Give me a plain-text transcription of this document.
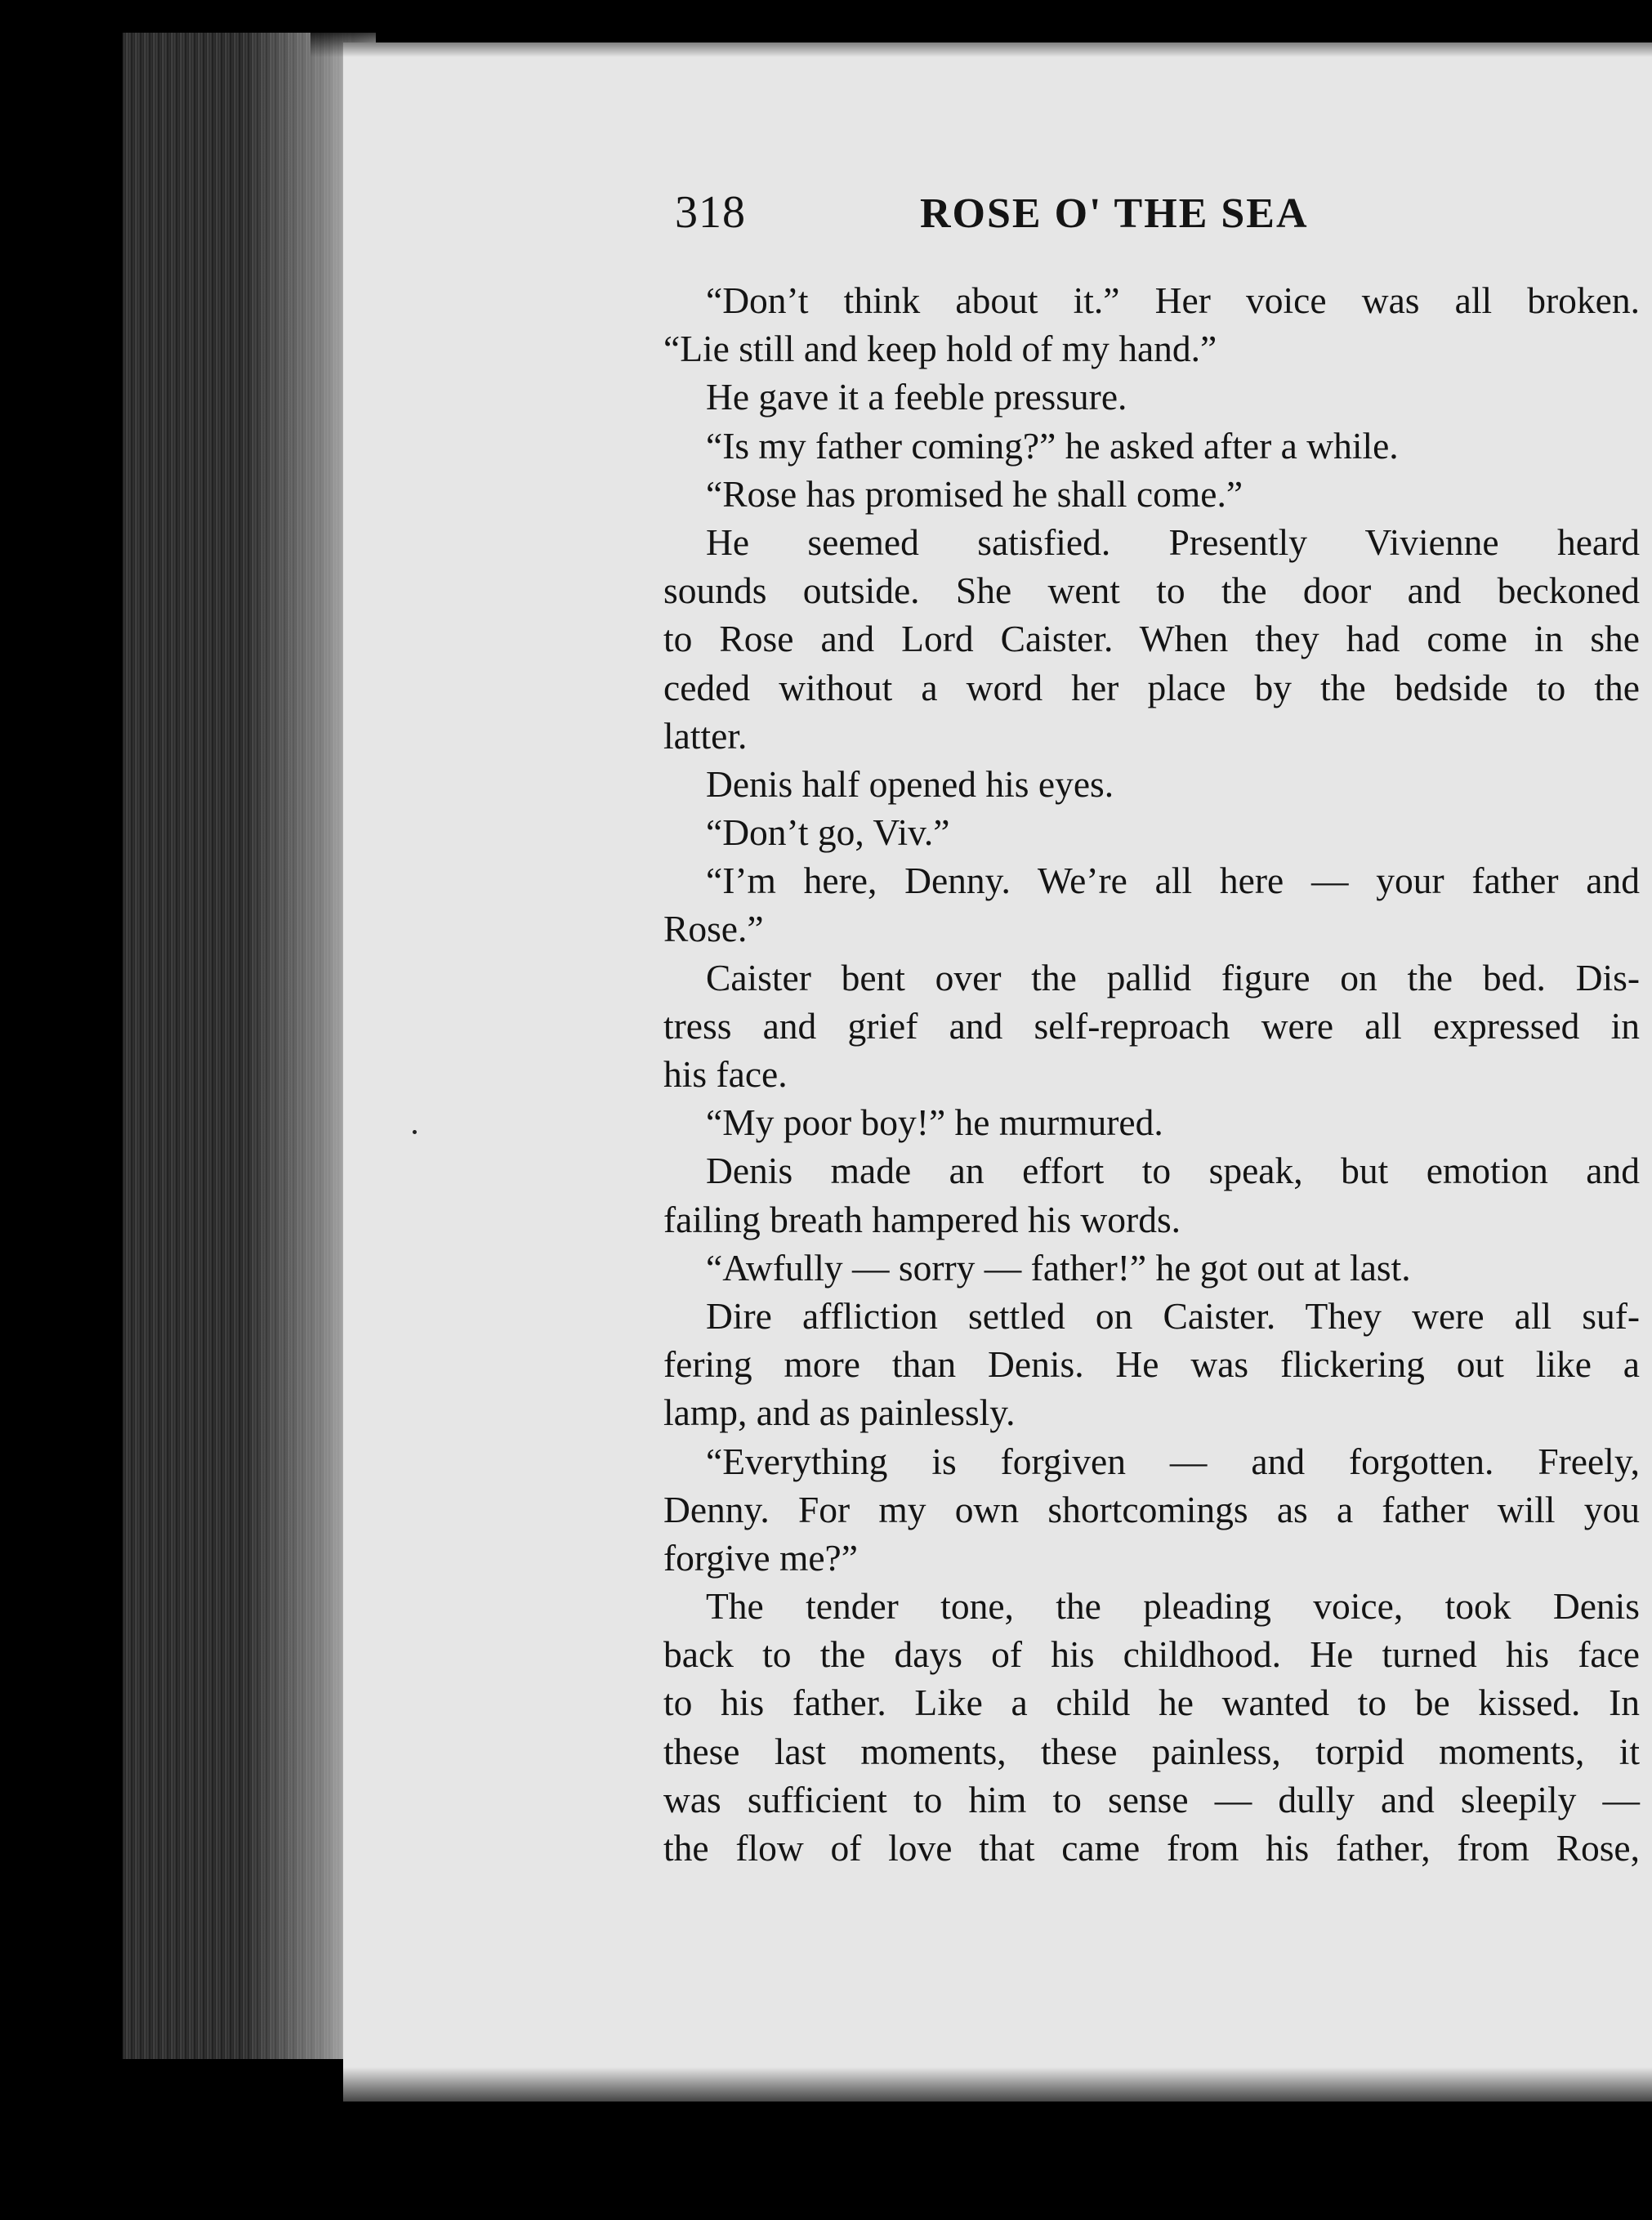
318	ROSE O' THE SEA
“Don’t think about it.” Her voice was all broken.
“Lie still and keep hold of my hand.”
He gave it a feeble pressure.
“Is my father coming?” he asked after a while.
“Rose has promised he shall come.”
He seemed satisfied. Presently Vivienne heard
sounds outside. She went to the door and beckoned
to Rose and Lord Caister. When they had come in she
ceded without a word her place by the bedside to the
latter.
Denis half opened his eyes.
“Don’t go, Viv.”
“I’m here, Denny. We’re all here — your father and
Rose.”
Caister bent over the pallid figure on the bed. Dis-
tress and grief and self-reproach were all expressed in
his face.
“My poor boy!” he murmured.
Denis made an effort to speak, but emotion and
failing breath hampered his words.
“Awfully — sorry — father!” he got out at last.
Dire affliction settled on Caister. They were all suf-
fering more than Denis. He was flickering out like a
lamp, and as painlessly.
“Everything is forgiven — and forgotten. Freely,
Denny. For my own shortcomings as a father will you
forgive me?”
The tender tone, the pleading voice, took Denis
back to the days of his childhood. He turned his face
to his father. Like a child he wanted to be kissed. In
these last moments, these painless, torpid moments, it
was sufficient to him to sense — dully and sleepily —
the flow of love that came from his father, from Rose,
